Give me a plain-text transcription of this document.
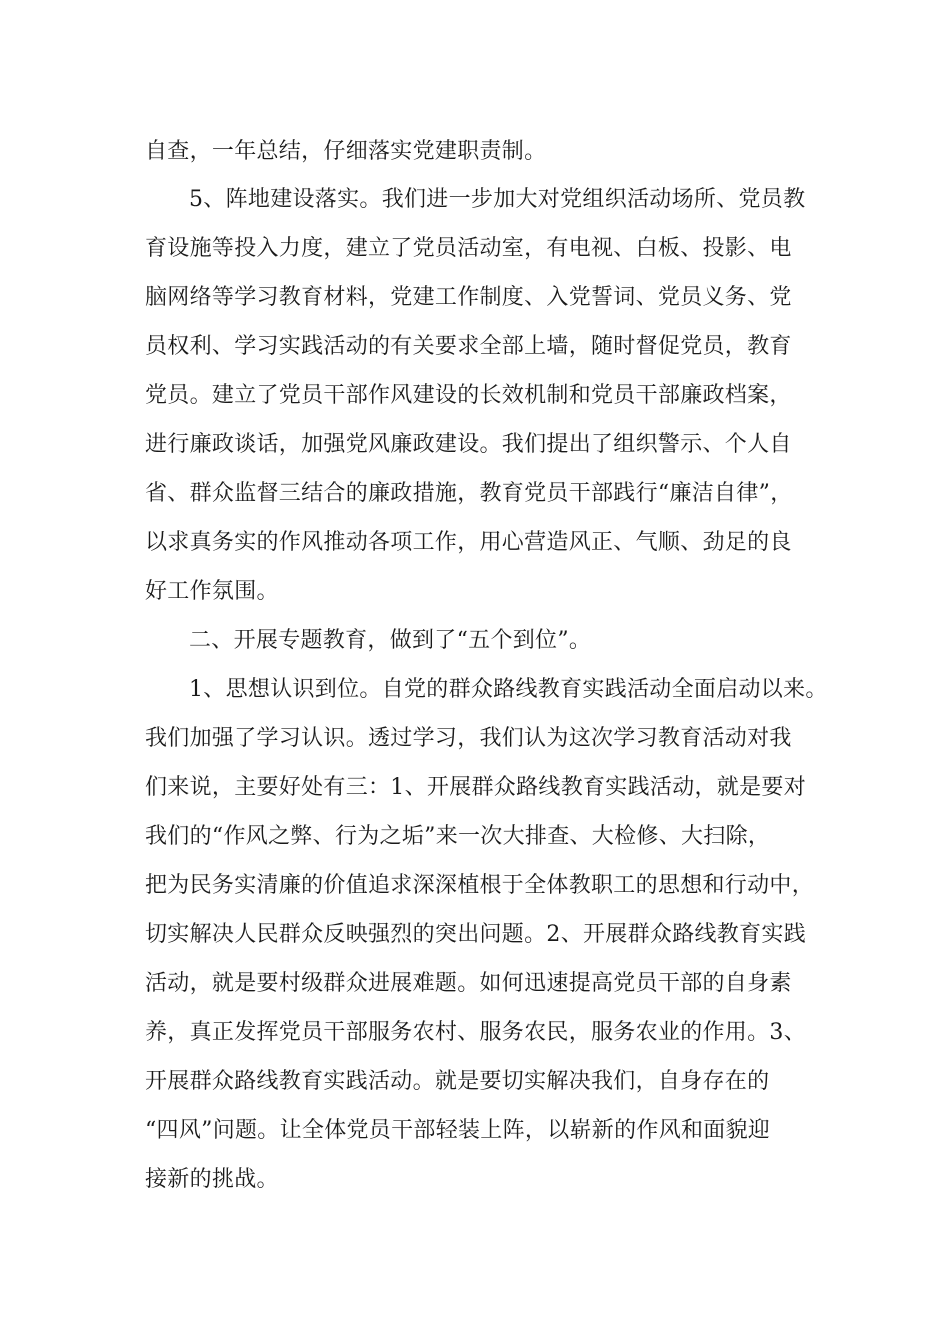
自查，一年总结，仔细落实党建职责制。
5、阵地建设落实。我们进一步加大对党组织活动场所、党员教
育设施等投入力度，建立了党员活动室，有电视、白板、投影、电
脑网络等学习教育材料，党建工作制度、入党誓词、党员义务、党
员权利、学习实践活动的有关要求全部上墙，随时督促党员，教育
党员。建立了党员干部作风建设的长效机制和党员干部廉政档案，
进行廉政谈话，加强党风廉政建设。我们提出了组织警示、个人自
省、群众监督三结合的廉政措施，教育党员干部践行“廉洁自律”，
以求真务实的作风推动各项工作，用心营造风正、气顺、劲足的良
好工作氛围。
二、开展专题教育，做到了“五个到位”。
1、思想认识到位。自党的群众路线教育实践活动全面启动以来。
我们加强了学习认识。透过学习，我们认为这次学习教育活动对我
们来说，主要好处有三：1、开展群众路线教育实践活动，就是要对
我们的“作风之弊、行为之垢”来一次大排查、大检修、大扫除，
把为民务实清廉的价值追求深深植根于全体教职工的思想和行动中，
切实解决人民群众反映强烈的突出问题。2、开展群众路线教育实践
活动，就是要村级群众进展难题。如何迅速提高党员干部的自身素
养，真正发挥党员干部服务农村、服务农民，服务农业的作用。3、
开展群众路线教育实践活动。就是要切实解决我们，自身存在的
“四风”问题。让全体党员干部轻装上阵，以崭新的作风和面貌迎
接新的挑战。
